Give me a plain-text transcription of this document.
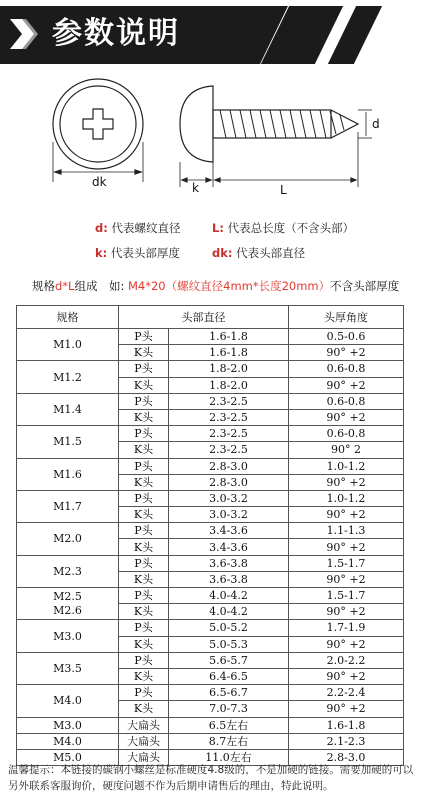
参数说明
dk
d
k	L
d: 代表螺纹直径	L: 代表总长度（不含头部）
k: 代表头部厚度	dk: 代表头部直径
规格d*L组成　如: M4*20（螺纹直径4mm*长度20mm）不含头部厚度
规格	头部直径		头厚角度
M1.0	P头	1.6-1.8	0.5-0.6
	K头	1.6-1.8	90° +2
M1.2	P头	1.8-2.0	0.6-0.8
	K头	1.8-2.0	90° +2
M1.4	P头	2.3-2.5	0.6-0.8
	K头	2.3-2.5	90° +2
M1.5	P头	2.3-2.5	0.6-0.8
	K头	2.3-2.5	90° 2
M1.6	P头	2.8-3.0	1.0-1.2
	K头	2.8-3.0	90° +2
M1.7	P头	3.0-3.2	1.0-1.2
	K头	3.0-3.2	90° +2
M2.0	P头	3.4-3.6	1.1-1.3
	K头	3.4-3.6	90° +2
M2.3	P头	3.6-3.8	1.5-1.7
	K头	3.6-3.8	90° +2
M2.5
M2.6	P头	4.0-4.2	1.5-1.7
	K头	4.0-4.2	90° +2
M3.0	P头	5.0-5.2	1.7-1.9
	K头	5.0-5.3	90° +2
M3.5	P头	5.6-5.7	2.0-2.2
	K头	6.4-6.5	90° +2
M4.0	P头	6.5-6.7	2.2-2.4
	K头	7.0-7.3	90° +2
M3.0	大扁头	6.5左右	1.6-1.8
M4.0	大扁头	8.7左右	2.1-2.3
M5.0	大扁头	11.0左右	2.8-3.0
温馨提示：本链接的碳钢小螺丝是标准硬度4.8级的，不是加硬的链接。需要加硬的可以另外联系客服询价，硬度问题不作为后期申请售后的理由，特此说明。
